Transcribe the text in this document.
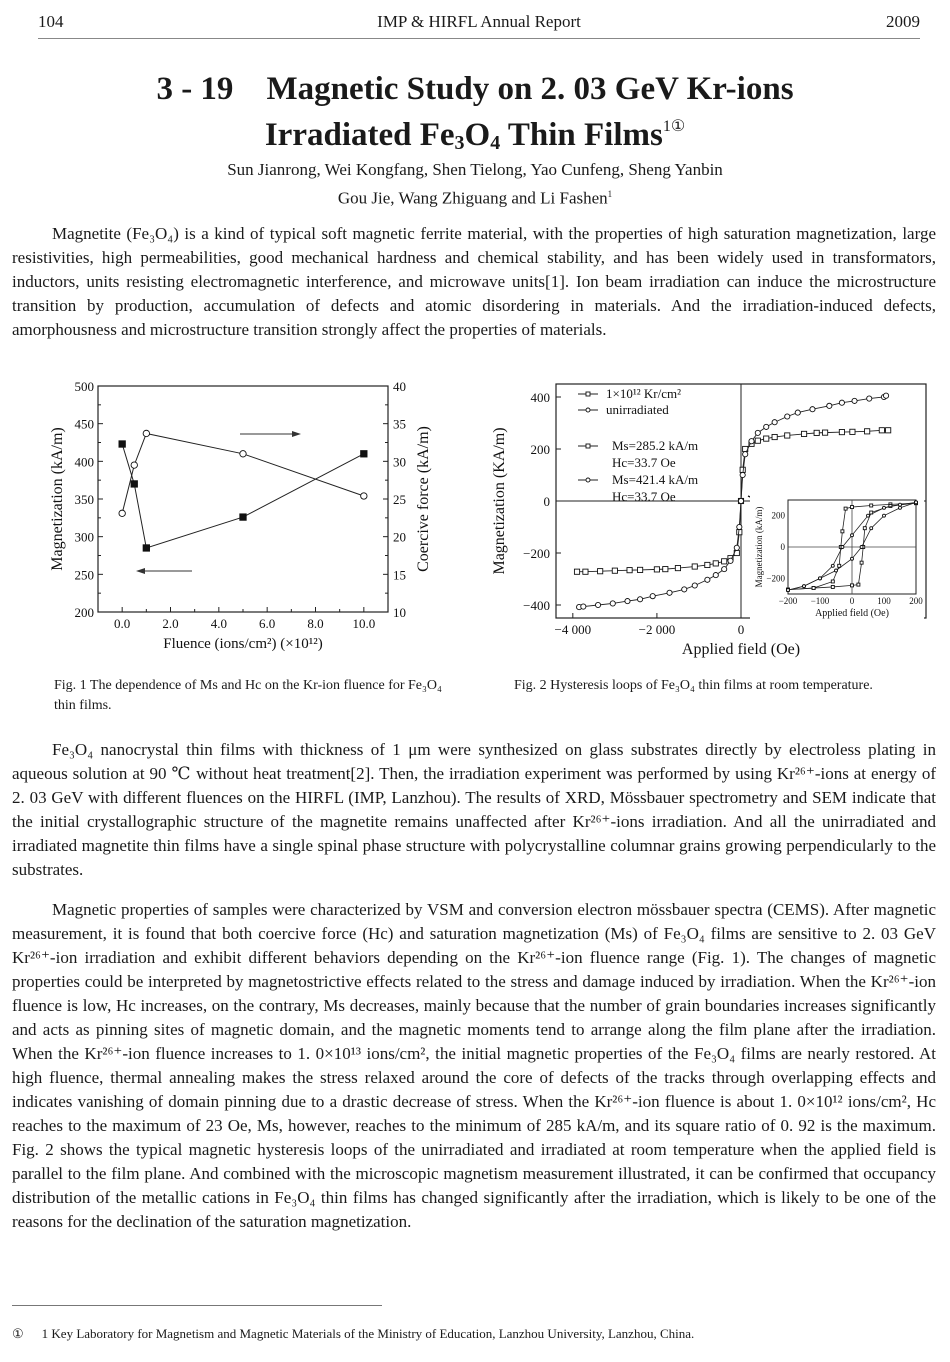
104	IMP & HIRFL Annual Report	2009
3 - 19 Magnetic Study on 2. 03 GeV Kr-ions
Irradiated $Fe_3O_4$ Thin Films$^{1①}$
Sun Jianrong, Wei Kongfang, Shen Tielong, Yao Cunfeng, Sheng Yanbin
Gou Jie, Wang Zhiguang and Li Fashen$^1$

Magnetite (Fe₃O₄) is a kind of typical soft magnetic ferrite material, with the properties of high saturation magnetization, large resistivities, high permeabilities, good mechanical hardness and chemical stability, and has been widely used in transformators, inductors, units resisting electromagnetic interference, and microwave units[1]. Ion beam irradiation can induce the microstructure transition by production, accumulation of defects and atomic disordering in materials. And the irradiation-induced defects, amorphousness and microstructure transition strongly affect the properties of materials.

0.0 2.0 4.0 6.0 8.0 10.0
200
250
300
350
400
450
500
10
15
20
25
30
35
40
Fluence (ions/cm²) (×10¹²)
Magnetization (kA/m)	Coercive force (kA/m)
−4 000	−2 000	0
−400
−200
0
200
400
Applied field (Oe)
Magnetization (KA/m)
1×10¹² Kr/cm²
unirradiated
Ms=285.2 kA/m
Hc=33.7 Oe
Ms=421.4 kA/m
Hc=33.7 Oe
−200 −100 0	100 200
−200
0
200
Applied field (Oe)
Magnetization (kA/m)
Fig. 1 The dependence of Ms and Hc on the Kr-ion fluence for Fe₃O₄ thin films.
Fig. 2 Hysteresis loops of Fe₃O₄ thin films at room temperature.

Fe₃O₄ nanocrystal thin films with thickness of 1 μm were synthesized on glass substrates directly by electroless plating in aqueous solution at 90 ℃ without heat treatment[2]. Then, the irradiation experiment was performed by using Kr²⁶⁺-ions at energy of 2. 03 GeV with different fluences on the HIRFL (IMP, Lanzhou). The results of XRD, Mössbauer spectrometry and SEM indicate that the initial crystallographic structure of the magnetite remains unaffected after Kr²⁶⁺-ions irradiation. And all the unirradiated and irradiated magnetite thin films have a single spinal phase structure with polycrystalline columnar grains growing perpendicularly to the substrates.

Magnetic properties of samples were characterized by VSM and conversion electron mössbauer spectra (CEMS). After magnetic measurement, it is found that both coercive force (Hc) and saturation magnetization (Ms) of Fe₃O₄ films are sensitive to 2. 03 GeV Kr²⁶⁺-ion irradiation and exhibit different behaviors depending on the Kr²⁶⁺-ion fluence range (Fig. 1). The changes of magnetic properties could be interpreted by magnetostrictive effects related to the stress and damage induced by irradiation. When the Kr²⁶⁺-ion fluence is low, Hc increases, on the contrary, Ms decreases, mainly because that the number of grain boundaries increases significantly and acts as pinning sites of magnetic domain, and the magnetic moments tend to arrange along the film plane after the irradiation. When the Kr²⁶⁺-ion fluence increases to 1. 0×10¹³ ions/cm², the initial magnetic properties of the Fe₃O₄ films are nearly restored. At high fluence, thermal annealing makes the stress relaxed around the core of defects of the tracks through overlapping effects and indicates vanishing of domain pinning due to a drastic decrease of stress. When the Kr²⁶⁺-ion fluence is about 1. 0×10¹² ions/cm², Hc reaches to the maximum of 23 Oe, Ms, however, reaches to the minimum of 285 kA/m, and its square ratio of 0. 92 is the maximum. Fig. 2 shows the typical magnetic hysteresis loops of the unirradiated and irradiated at room temperature when the applied field is parallel to the film plane. And combined with the microscopic magnetism measurement illustrated, it can be confirmed that occupancy distribution of the metallic cations in Fe₃O₄ thin films has changed significantly after the irradiation, which is likely to be one of the reasons for the declination of the saturation magnetization.

① 1 Key Laboratory for Magnetism and Magnetic Materials of the Ministry of Education, Lanzhou University, Lanzhou, China.
